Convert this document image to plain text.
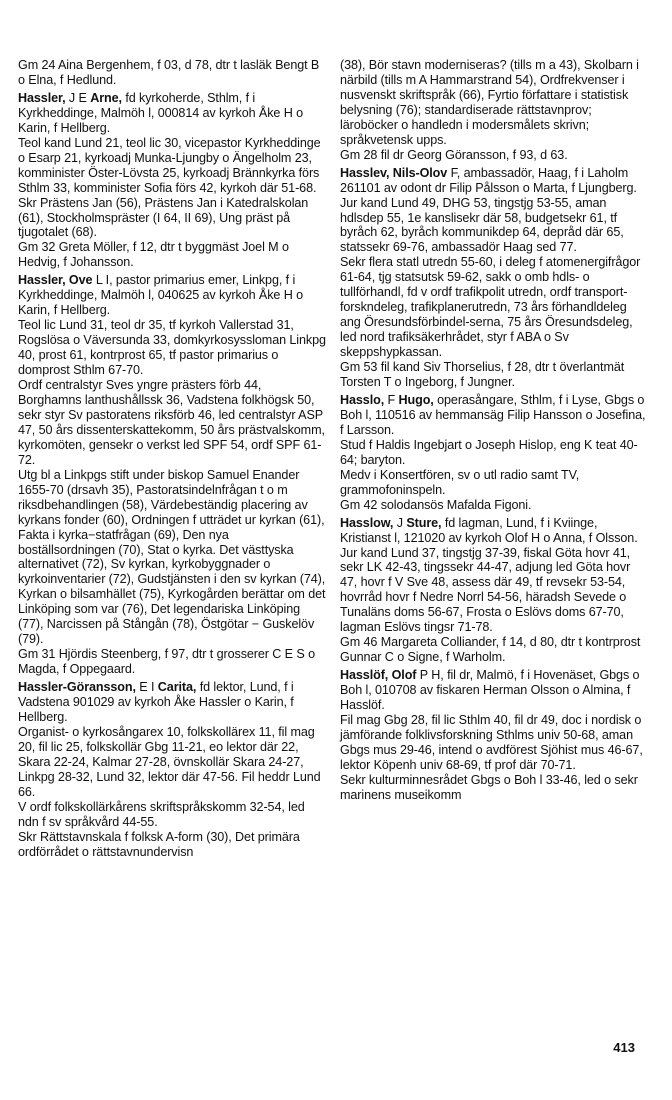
Gm 24 Aina Bergenhem, f 03, d 78, dtr t lasläk Bengt B o Elna, f Hedlund.

Hassler, J E Arne, fd kyrkoherde, Sthlm, f i Kyrkheddinge, Malmöh l, 000814 av kyrkoh Åke H o Karin, f Hellberg.

Teol kand Lund 21, teol lic 30, vicepastor Kyrkheddinge o Esarp 21, kyrkoadj Munka-Ljungby o Ängelholm 23, komminister Öster-Lövsta 25, kyrkoadj Brännkyrka förs Sthlm 33, komminister Sofia förs 42, kyrkoh där 51-68.

Skr Prästens Jan (56), Prästens Jan i Katedralskolan (61), Stockholmspräster (I 64, II 69), Ung präst på tjugotalet (68).

Gm 32 Greta Möller, f 12, dtr t byggmäst Joel M o Hedvig, f Johansson.

Hassler, Ove L I, pastor primarius emer, Linkpg, f i Kyrkheddinge, Malmöh l, 040625 av kyrkoh Åke H o Karin, f Hellberg.

Teol lic Lund 31, teol dr 35, tf kyrkoh Vallerstad 31, Rogslösa o Väversunda 33, domkyrkosyssloman Linkpg 40, prost 61, kontrprost 65, tf pastor primarius o domprost Sthlm 67-70.

Ordf centralstyr Sves yngre prästers förb 44, Borghamns lanthushållssk 36, Vadstena folkhögsk 50, sekr styr Sv pastoratens riksförb 46, led centralstyr ASP 47, 50 års dissenterskattekomm, 50 års prästvalskomm, kyrkomöten, gensekr o verkst led SPF 54, ordf SPF 61-72.

Utg bl a Linkpgs stift under biskop Samuel Enander 1655-70 (drsavh 35), Pastoratsindelnfrågan t o m riksdbehandlingen (58), Värdebeständig placering av kyrkans fonder (60), Ordningen f utträdet ur kyrkan (61), Fakta i kyrka−statfrågan (69), Den nya boställsordningen (70), Stat o kyrka. Det västtyska alternativet (72), Sv kyrkan, kyrkobyggnader o kyrkoinventarier (72), Gudstjänsten i den sv kyrkan (74), Kyrkan o bilsamhället (75), Kyrkogården berättar om det Linköping som var (76), Det legendariska Linköping (77), Narcissen på Stångån (78), Östgötar − Guskelöv (79).

Gm 31 Hjördis Steenberg, f 97, dtr t grosserer C E S o Magda, f Oppegaard.

Hassler-Göransson, E I Carita, fd lektor, Lund, f i Vadstena 901029 av kyrkoh Åke Hassler o Karin, f Hellberg.

Organist- o kyrkosångarex 10, folkskollärex 11, fil mag 20, fil lic 25, folkskollär Gbg 11-21, eo lektor där 22, Skara 22-24, Kalmar 27-28, övnskollär Skara 24-27, Linkpg 28-32, Lund 32, lektor där 47-56. Fil heddr Lund 66.

V ordf folkskollärkårens skriftspråkskomm 32-54, led ndn f sv språkvård 44-55.

Skr Rättstavnskala f folksk A-form (30), Det primära ordförrådet o rättstavnundervisn

(38), Bör stavn moderniseras? (tills m a 43), Skolbarn i närbild (tills m A Hammarstrand 54), Ordfrekvenser i nusvenskt skriftspråk (66), Fyrtio författare i statistisk belysning (76); standardiserade rättstavnprov; läroböcker o handledn i modersmålets skrivn; språkvetensk upps.

Gm 28 fil dr Georg Göransson, f 93, d 63.

Hasslev, Nils-Olov F, ambassadör, Haag, f i Laholm 261101 av odont dr Filip Pålsson o Marta, f Ljungberg.

Jur kand Lund 49, DHG 53, tingstjg 53-55, aman hdlsdep 55, 1e kanslisekr där 58, budgetsekr 61, tf byråch 62, byråch kommunikdep 64, depråd där 65, statssekr 69-76, ambassadör Haag sed 77.

Sekr flera statl utredn 55-60, i deleg f atomenergifrågor 61-64, tjg statsutsk 59-62, sakk o omb hdls- o tullförhandl, fd v ordf trafikpolit utredn, ordf transport-forskndeleg, trafikplanerutredn, 73 års förhandldeleg ang Öresundsförbindel-serna, 75 års Öresundsdeleg, led nord trafiksäkerhrådet, styr f ABA o Sv skeppshypkassan.

Gm 53 fil kand Siv Thorselius, f 28, dtr t överlantmät Torsten T o Ingeborg, f Jungner.

Hasslo, F Hugo, operasångare, Sthlm, f i Lyse, Gbgs o Boh l, 110516 av hemmansäg Filip Hansson o Josefina, f Larsson.

Stud f Haldis Ingebjart o Joseph Hislop, eng K teat 40-64; baryton.

Medv i Konsertfören, sv o utl radio samt TV, grammofoninspeln.

Gm 42 solodansös Mafalda Figoni.

Hasslow, J Sture, fd lagman, Lund, f i Kviinge, Kristianst l, 121020 av kyrkoh Olof H o Anna, f Olsson.

Jur kand Lund 37, tingstjg 37-39, fiskal Göta hovr 41, sekr LK 42-43, tingssekr 44-47, adjung led Göta hovr 47, hovr f V Sve 48, assess där 49, tf revsekr 53-54, hovrråd hovr f Nedre Norrl 54-56, häradsh Sevede o Tunaläns doms 56-67, Frosta o Eslövs doms 67-70, lagman Eslövs tingsr 71-78.

Gm 46 Margareta Colliander, f 14, d 80, dtr t kontrprost Gunnar C o Signe, f Warholm.

Hasslöf, Olof P H, fil dr, Malmö, f i Hovenäset, Gbgs o Boh l, 010708 av fiskaren Herman Olsson o Almina, f Hasslöf.

Fil mag Gbg 28, fil lic Sthlm 40, fil dr 49, doc i nordisk o jämförande folklivsforskning Sthlms univ 50-68, aman Gbgs mus 29-46, intend o avdförest Sjöhist mus 46-67, lektor Köpenh univ 68-69, tf prof där 70-71.

Sekr kulturminnesrådet Gbgs o Boh l 33-46, led o sekr marinens museikomm

413
